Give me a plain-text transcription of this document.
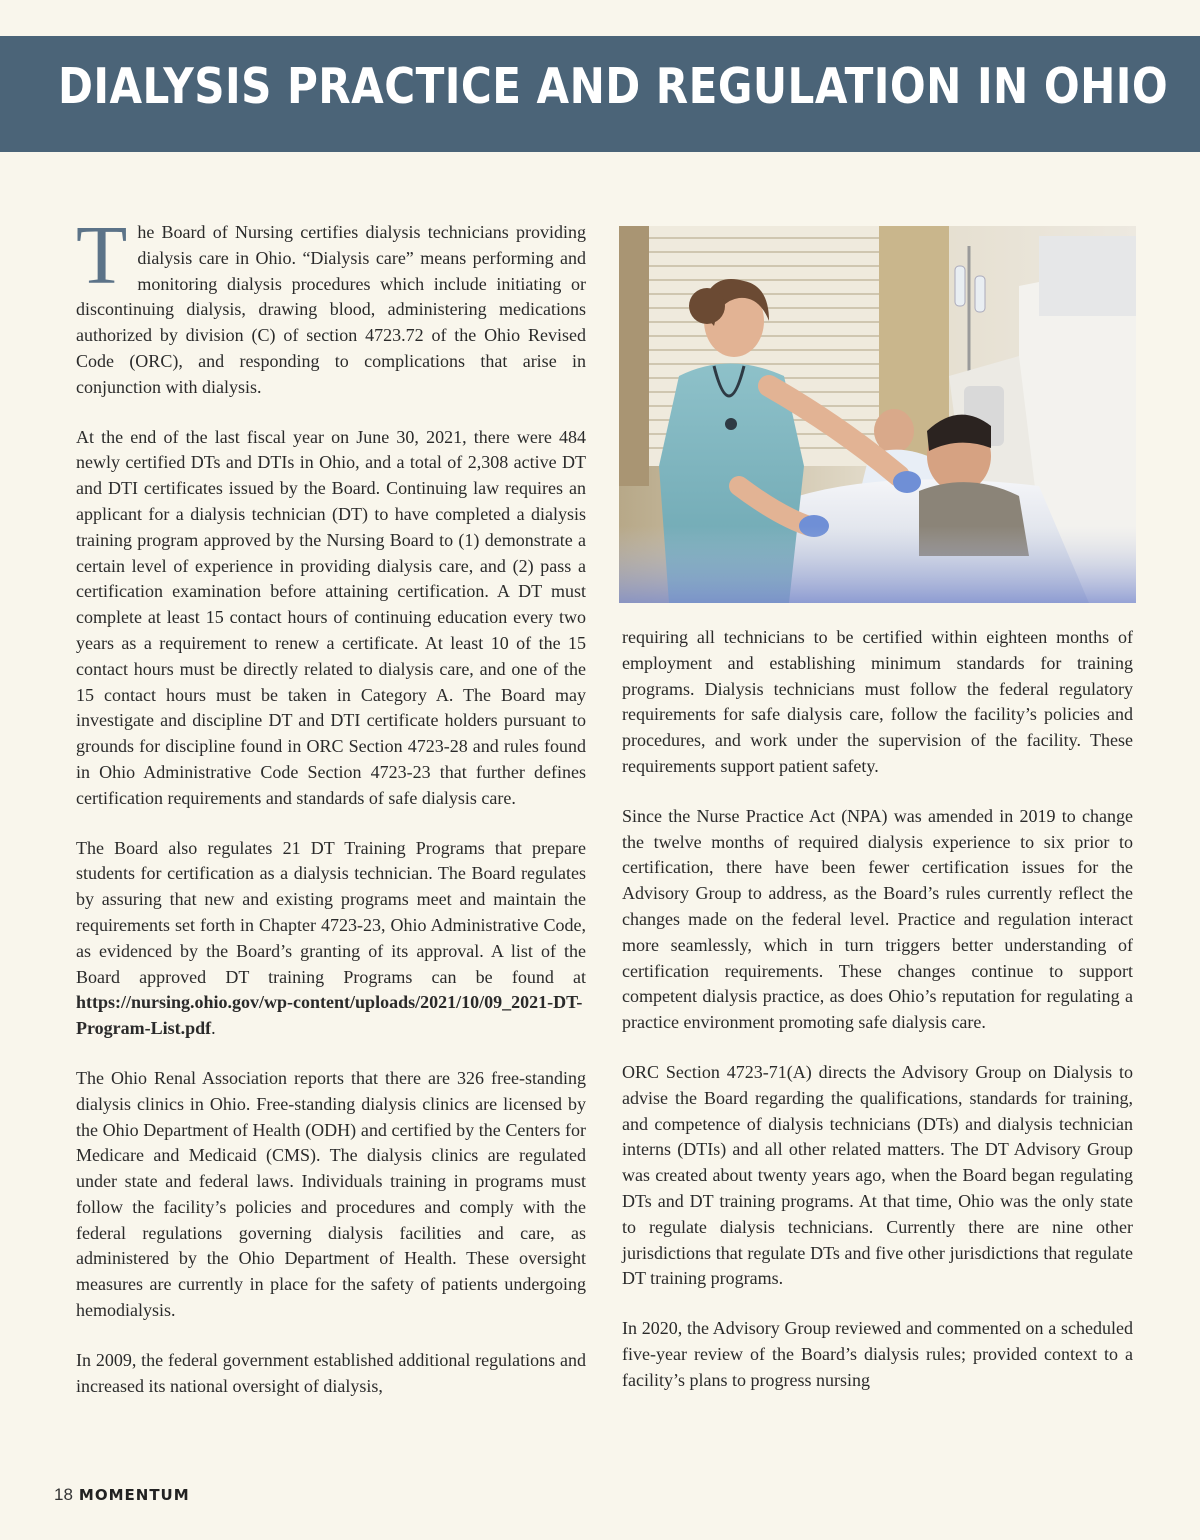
DIALYSIS PRACTICE AND REGULATION IN OHIO

The Board of Nursing certifies dialysis technicians providing dialysis care in Ohio. “Dialysis care” means performing and monitoring dialysis procedures which include initiating or discontinuing dialysis, drawing blood, administering medications authorized by division (C) of section 4723.72 of the Ohio Revised Code (ORC), and responding to complications that arise in conjunction with dialysis.

At the end of the last fiscal year on June 30, 2021, there were 484 newly certified DTs and DTIs in Ohio, and a total of 2,308 active DT and DTI certificates issued by the Board. Continuing law requires an applicant for a dialysis technician (DT) to have completed a dialysis training program approved by the Nursing Board to (1) demonstrate a certain level of experience in providing dialysis care, and (2) pass a certification examination before attaining certification. A DT must complete at least 15 contact hours of continuing education every two years as a requirement to renew a certificate. At least 10 of the 15 contact hours must be directly related to dialysis care, and one of the 15 contact hours must be taken in Category A. The Board may investigate and discipline DT and DTI certificate holders pursuant to grounds for discipline found in ORC Section 4723-28 and rules found in Ohio Administrative Code Section 4723-23 that further defines certification requirements and standards of safe dialysis care.

The Board also regulates 21 DT Training Programs that prepare students for certification as a dialysis technician. The Board regulates by assuring that new and existing programs meet and maintain the requirements set forth in Chapter 4723-23, Ohio Administrative Code, as evidenced by the Board’s granting of its approval. A list of the Board approved DT training Programs can be found at https://nursing.ohio.gov/wp-content/uploads/2021/10/09_2021-DT-Program-List.pdf.

The Ohio Renal Association reports that there are 326 free-standing dialysis clinics in Ohio. Free-standing dialysis clinics are licensed by the Ohio Department of Health (ODH) and certified by the Centers for Medicare and Medicaid (CMS). The dialysis clinics are regulated under state and federal laws. Individuals training in programs must follow the facility’s policies and procedures and comply with the federal regulations governing dialysis facilities and care, as administered by the Ohio Department of Health. These oversight measures are currently in place for the safety of patients undergoing hemodialysis.

In 2009, the federal government established additional regulations and increased its national oversight of dialysis,

requiring all technicians to be certified within eighteen months of employment and establishing minimum standards for training programs. Dialysis technicians must follow the federal regulatory requirements for safe dialysis care, follow the facility’s policies and procedures, and work under the supervision of the facility. These requirements support patient safety.

Since the Nurse Practice Act (NPA) was amended in 2019 to change the twelve months of required dialysis experience to six prior to certification, there have been fewer certification issues for the Advisory Group to address, as the Board’s rules currently reflect the changes made on the federal level. Practice and regulation interact more seamlessly, which in turn triggers better understanding of certification requirements. These changes continue to support competent dialysis practice, as does Ohio’s reputation for regulating a practice environment promoting safe dialysis care.

ORC Section 4723-71(A) directs the Advisory Group on Dialysis to advise the Board regarding the qualifications, standards for training, and competence of dialysis technicians (DTs) and dialysis technician interns (DTIs) and all other related matters. The DT Advisory Group was created about twenty years ago, when the Board began regulating DTs and DT training programs. At that time, Ohio was the only state to regulate dialysis technicians. Currently there are nine other jurisdictions that regulate DTs and five other jurisdictions that regulate DT training programs.

In 2020, the Advisory Group reviewed and commented on a scheduled five-year review of the Board’s dialysis rules; provided context to a facility’s plans to progress nursing

18 MOMENTUM
